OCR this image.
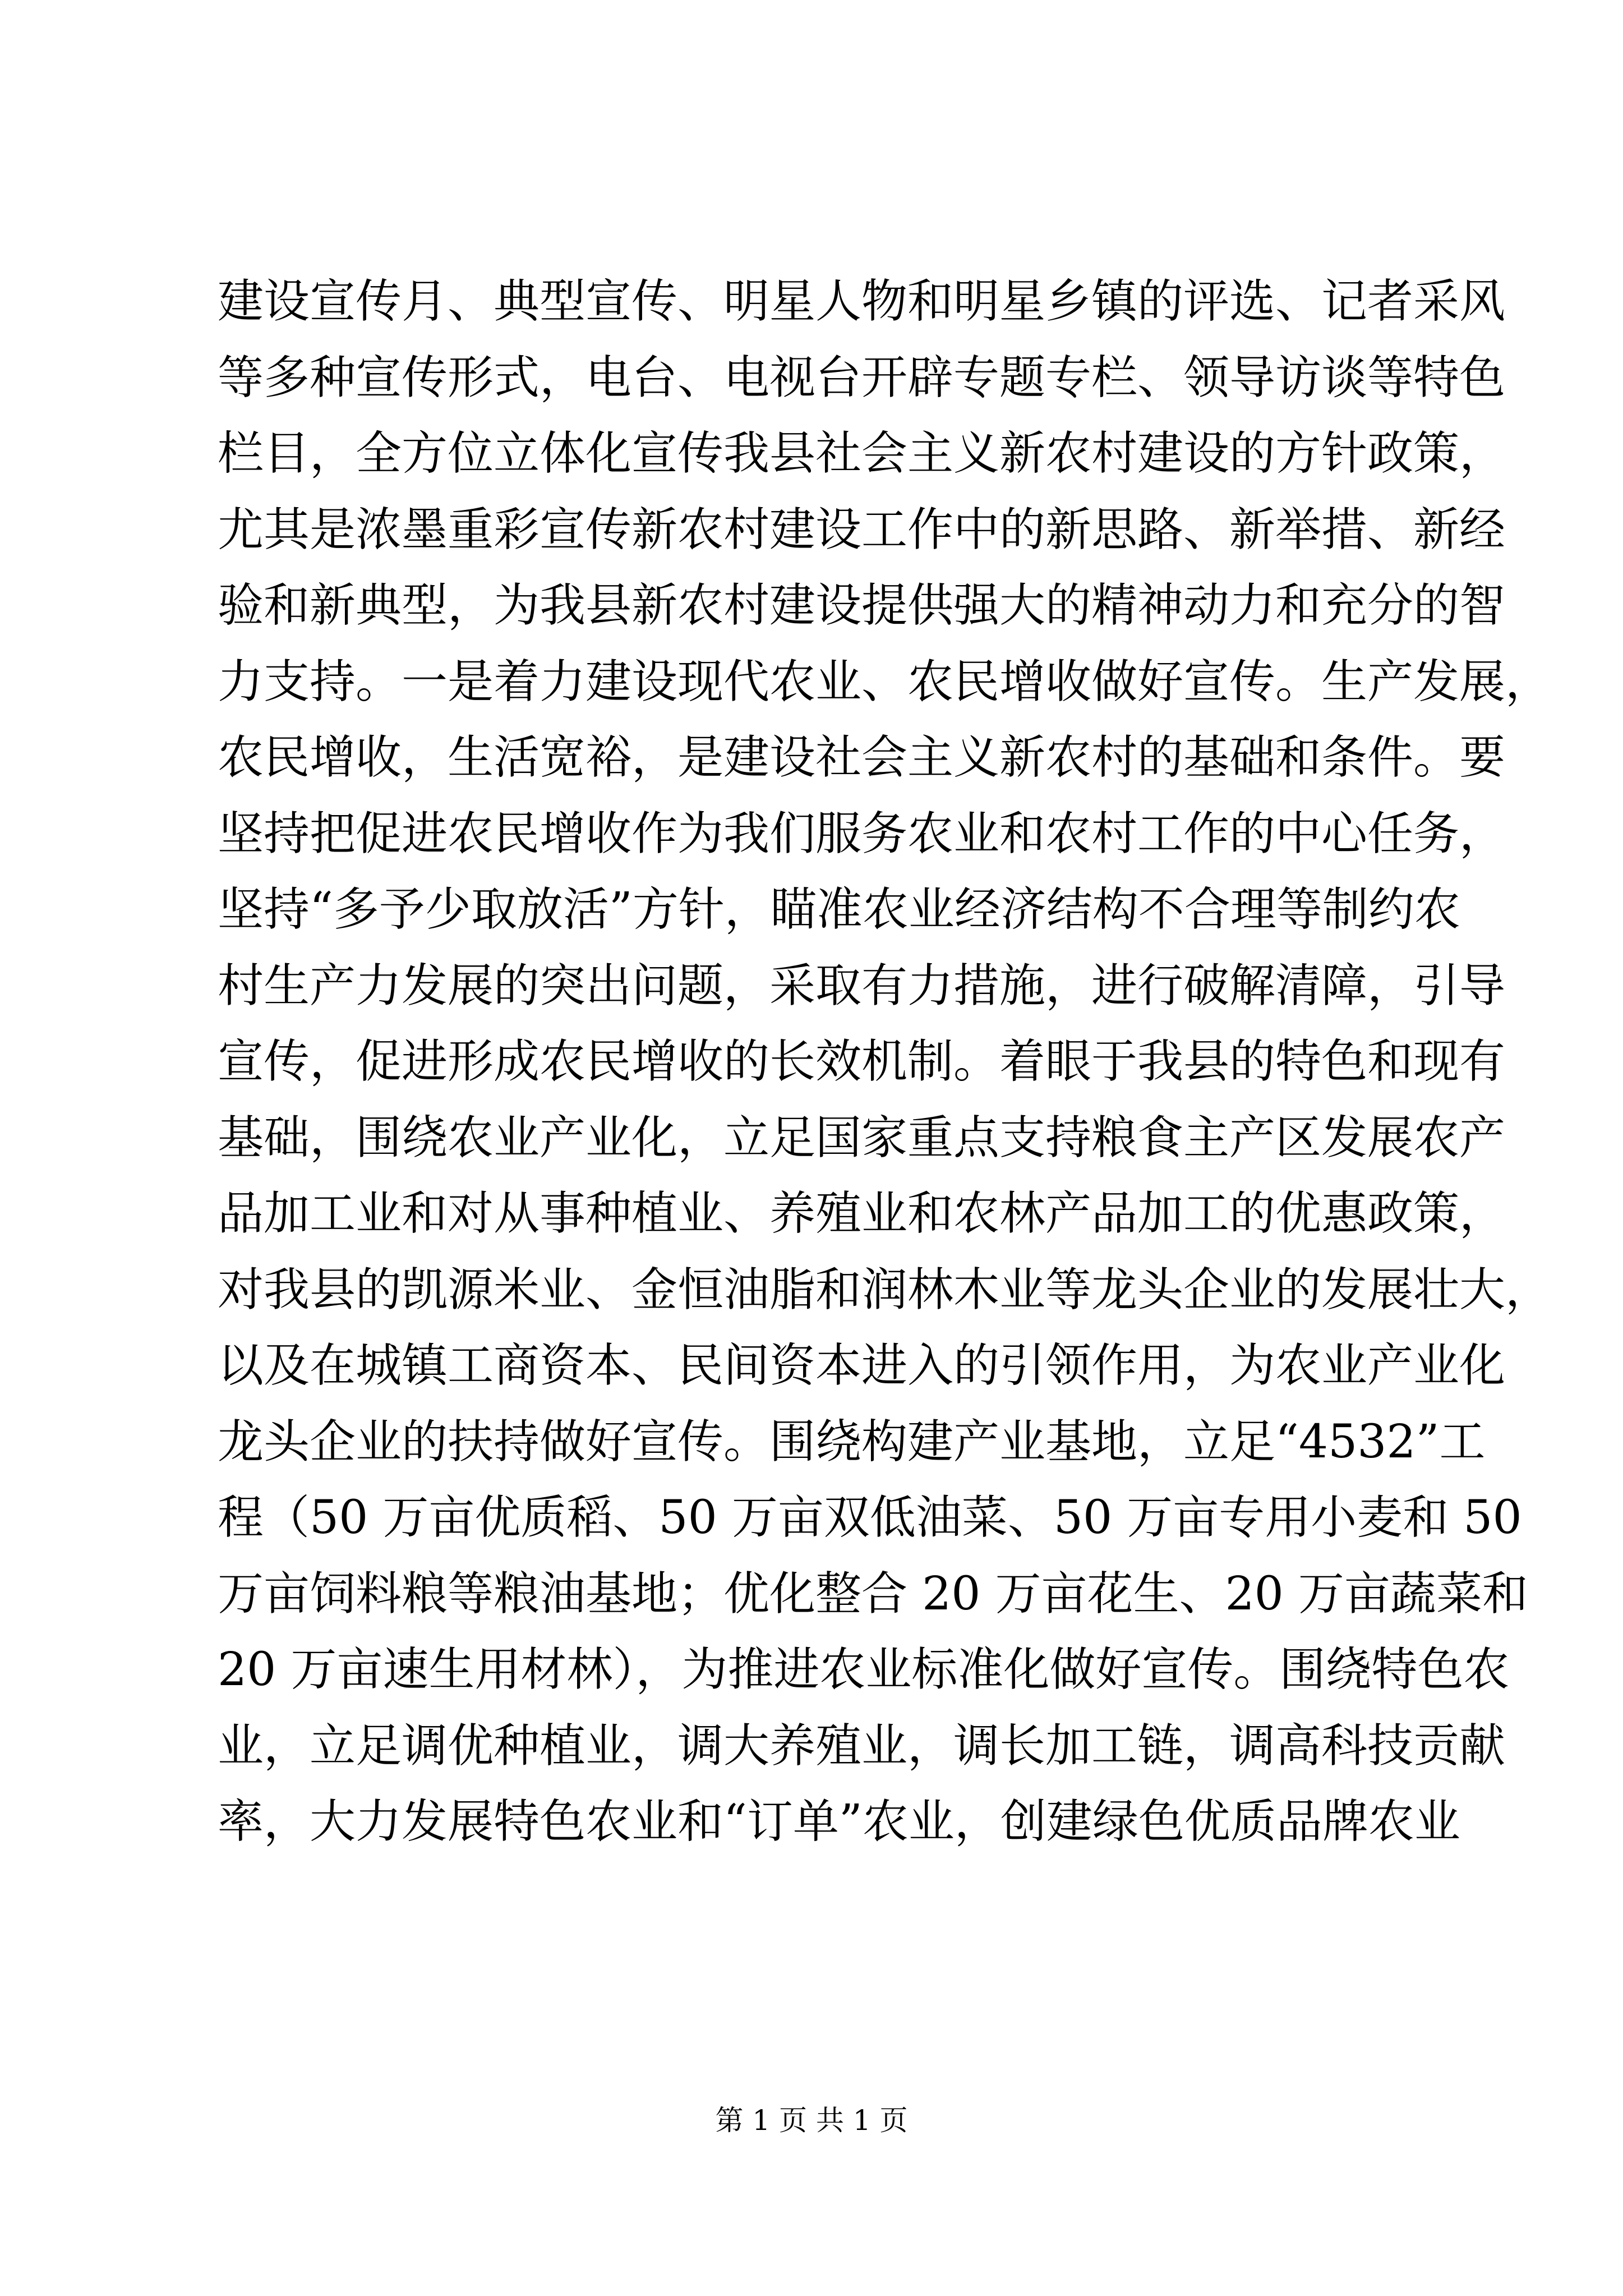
建设宣传月、典型宣传、明星人物和明星乡镇的评选、记者采风
等多种宣传形式，电台、电视台开辟专题专栏、领导访谈等特色
栏目，全方位立体化宣传我县社会主义新农村建设的方针政策，
尤其是浓墨重彩宣传新农村建设工作中的新思路、新举措、新经
验和新典型，为我县新农村建设提供强大的精神动力和充分的智
力支持。一是着力建设现代农业、农民增收做好宣传。生产发展，
农民增收，生活宽裕，是建设社会主义新农村的基础和条件。要
坚持把促进农民增收作为我们服务农业和农村工作的中心任务，
坚持“多予少取放活”方针，瞄准农业经济结构不合理等制约农
村生产力发展的突出问题，采取有力措施，进行破解清障，引导
宣传，促进形成农民增收的长效机制。着眼于我县的特色和现有
基础，围绕农业产业化，立足国家重点支持粮食主产区发展农产
品加工业和对从事种植业、养殖业和农林产品加工的优惠政策，
对我县的凯源米业、金恒油脂和润林木业等龙头企业的发展壮大，
以及在城镇工商资本、民间资本进入的引领作用，为农业产业化
龙头企业的扶持做好宣传。围绕构建产业基地，立足“4532”工
程（50 万亩优质稻、50 万亩双低油菜、50 万亩专用小麦和 50
万亩饲料粮等粮油基地；优化整合 20 万亩花生、20 万亩蔬菜和
20 万亩速生用材林），为推进农业标准化做好宣传。围绕特色农
业，立足调优种植业，调大养殖业，调长加工链，调高科技贡献
率，大力发展特色农业和“订单”农业，创建绿色优质品牌农业
第 1 页 共 1 页
